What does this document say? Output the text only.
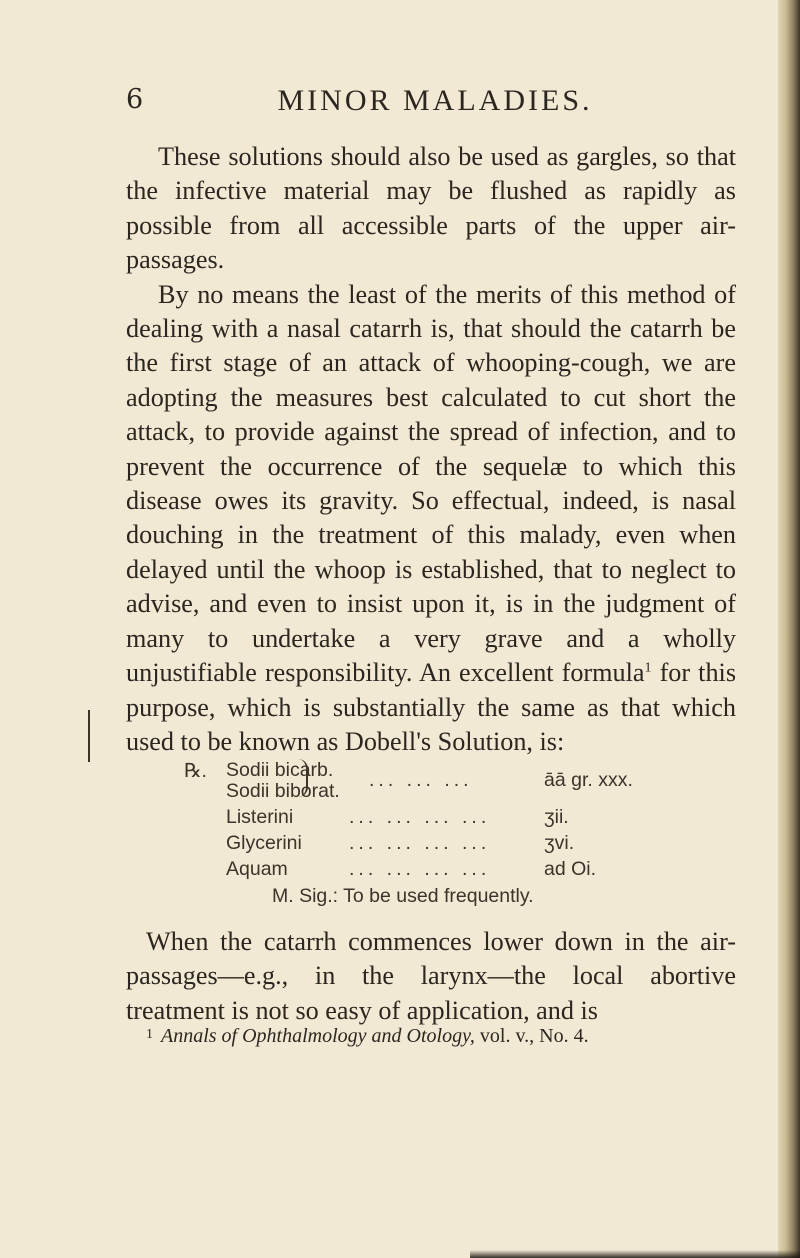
6	MINOR MALADIES.

These solutions should also be used as gargles, so that the infective material may be flushed as rapidly as possible from all accessible parts of the upper air-passages.

By no means the least of the merits of this method of dealing with a nasal catarrh is, that should the catarrh be the first stage of an attack of whooping-cough, we are adopting the measures best calculated to cut short the attack, to provide against the spread of infection, and to prevent the occurrence of the sequelæ to which this disease owes its gravity. So effectual, indeed, is nasal douching in the treatment of this malady, even when delayed until the whoop is established, that to neglect to advise, and even to insist upon it, is in the judgment of many to undertake a very grave and a wholly unjustifiable responsibility. An excellent formula$^1$ for this purpose, which is substantially the same as that which used to be known as Dobell's Solution, is:

℞. Sodii bicarb.
Sodii biborat. ... ... ...	āā gr. xxx.
Listerini	... ... ... ...	ʒii.
Glycerini ... ... ... ...	ʒvi.
Aquam	... ... ... ...	ad Oi.
M. Sig.: To be used frequently.

When the catarrh commences lower down in the air-passages—e.g., in the larynx—the local abortive treatment is not so easy of application, and is

$^1$ Annals of Ophthalmology and Otology, vol. v., No. 4.
